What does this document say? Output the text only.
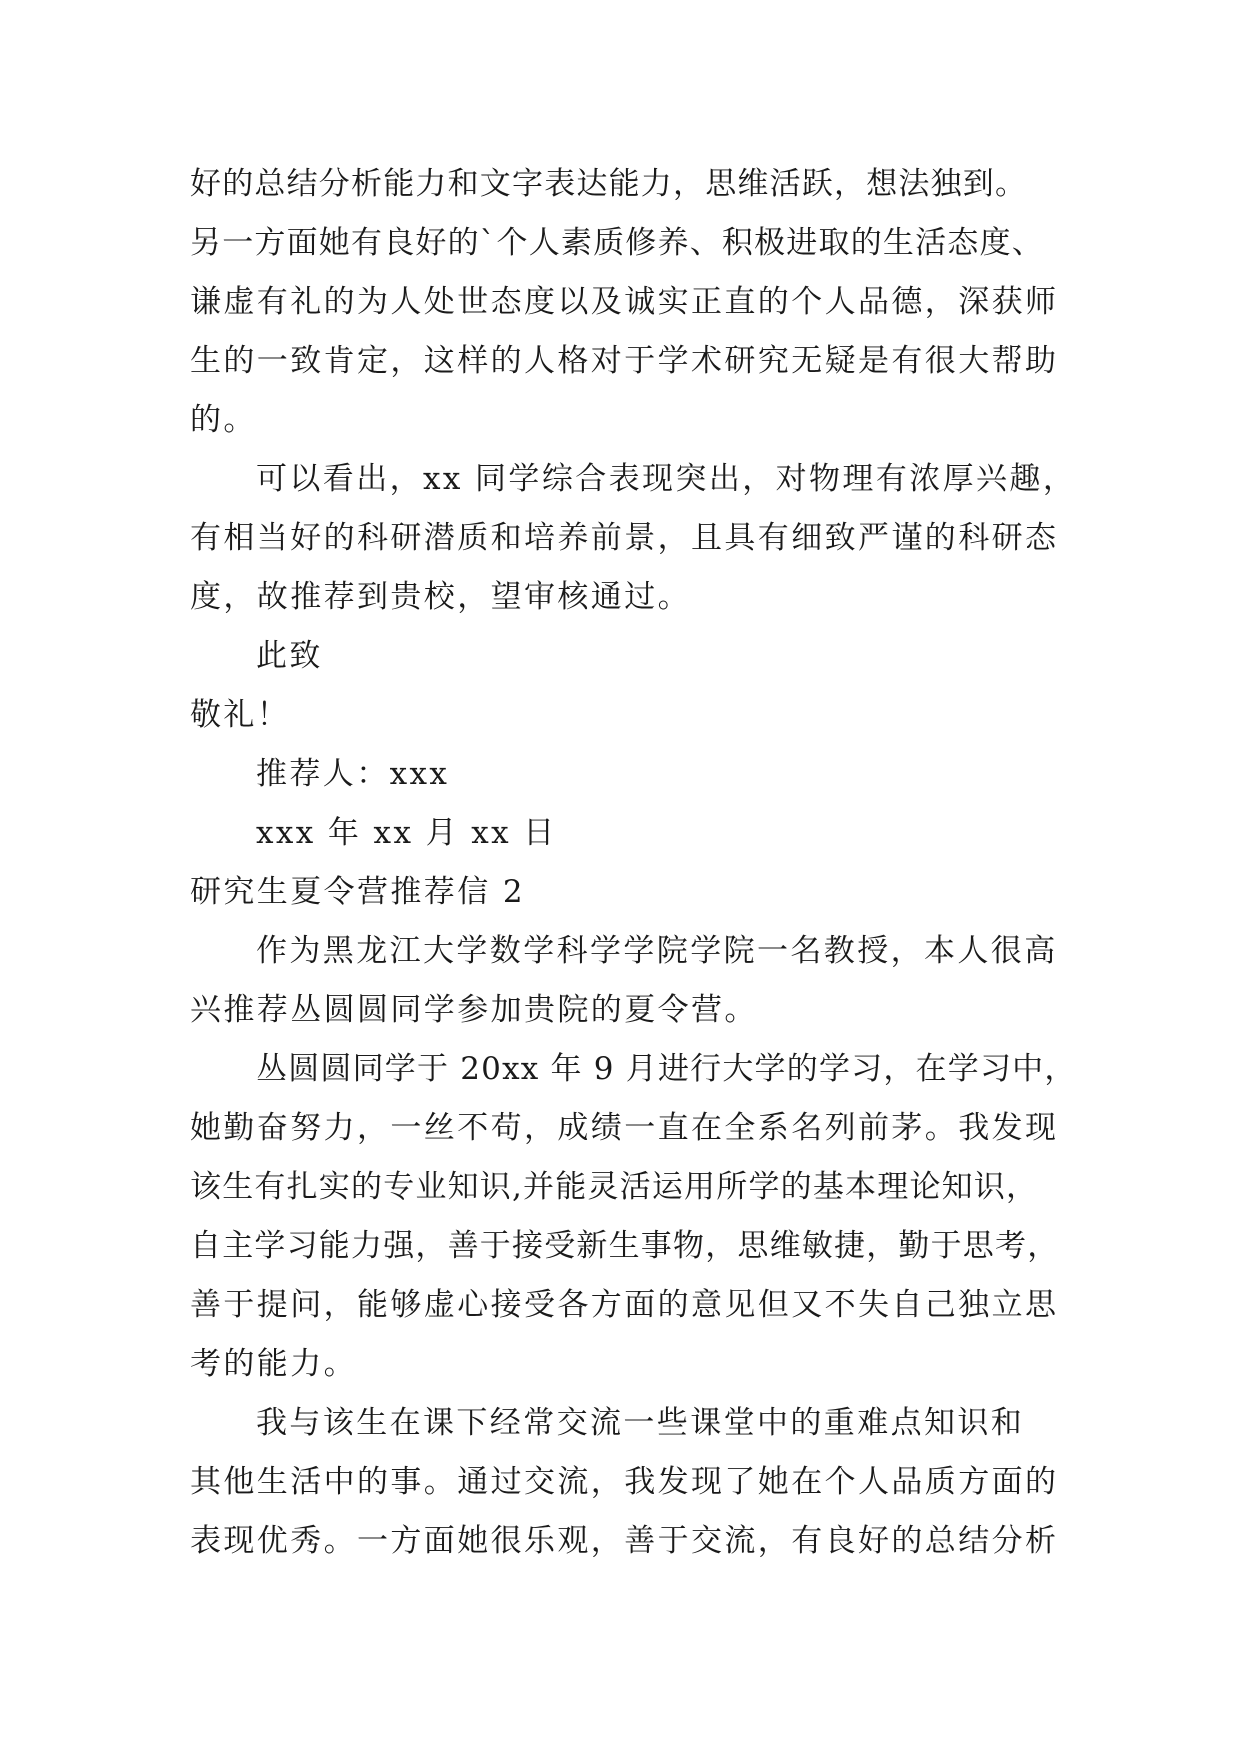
好的总结分析能力和文字表达能力，思维活跃，想法独到。
另一方面她有良好的`个人素质修养、积极进取的生活态度、
谦虚有礼的为人处世态度以及诚实正直的个人品德，深获师
生的一致肯定，这样的人格对于学术研究无疑是有很大帮助
的。
可以看出，xx 同学综合表现突出，对物理有浓厚兴趣，
有相当好的科研潜质和培养前景，且具有细致严谨的科研态
度，故推荐到贵校，望审核通过。
此致
敬礼！
推荐人：xxx
xxx 年 xx 月 xx 日
研究生夏令营推荐信 2
作为黑龙江大学数学科学学院学院一名教授，本人很高
兴推荐丛圆圆同学参加贵院的夏令营。
丛圆圆同学于 20xx 年 9 月进行大学的学习，在学习中，
她勤奋努力，一丝不苟，成绩一直在全系名列前茅。我发现
该生有扎实的专业知识,并能灵活运用所学的基本理论知识，
自主学习能力强，善于接受新生事物，思维敏捷，勤于思考，
善于提问，能够虚心接受各方面的意见但又不失自己独立思
考的能力。
我与该生在课下经常交流一些课堂中的重难点知识和
其他生活中的事。通过交流，我发现了她在个人品质方面的
表现优秀。一方面她很乐观，善于交流，有良好的总结分析
